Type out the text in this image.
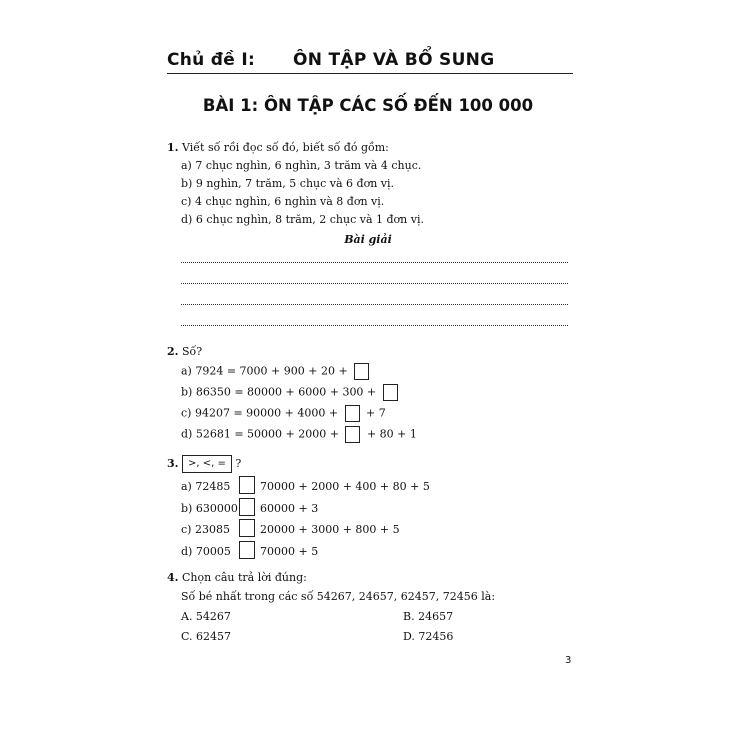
Chủ đề I: ÔN TẬP VÀ BỔ SUNG
BÀI 1: ÔN TẬP CÁC SỐ ĐẾN 100 000
1. Viết số rồi đọc số đó, biết số đó gồm:
a) 7 chục nghìn, 6 nghìn, 3 trăm và 4 chục.
b) 9 nghìn, 7 trăm, 5 chục và 6 đơn vị.
c) 4 chục nghìn, 6 nghìn và 8 đơn vị.
d) 6 chục nghìn, 8 trăm, 2 chục và 1 đơn vị.
Bài giải
2. Số?
a) 7924 = 7000 + 900 + 20 +
b) 86350 = 80000 + 6000 + 300 +
c) 94207 = 90000 + 4000 +  + 7
d) 52681 = 50000 + 2000 +  + 80 + 1
3. >, <, = ?
a) 72485	70000 + 2000 + 400 + 80 + 5
b) 630000 60000 + 3
c) 23085	20000 + 3000 + 800 + 5
d) 70005	70000 + 5
4. Chọn câu trả lời đúng:
Số bé nhất trong các số 54267, 24657, 62457, 72456 là:
A. 54267	B. 24657
C. 62457	D. 72456
3
